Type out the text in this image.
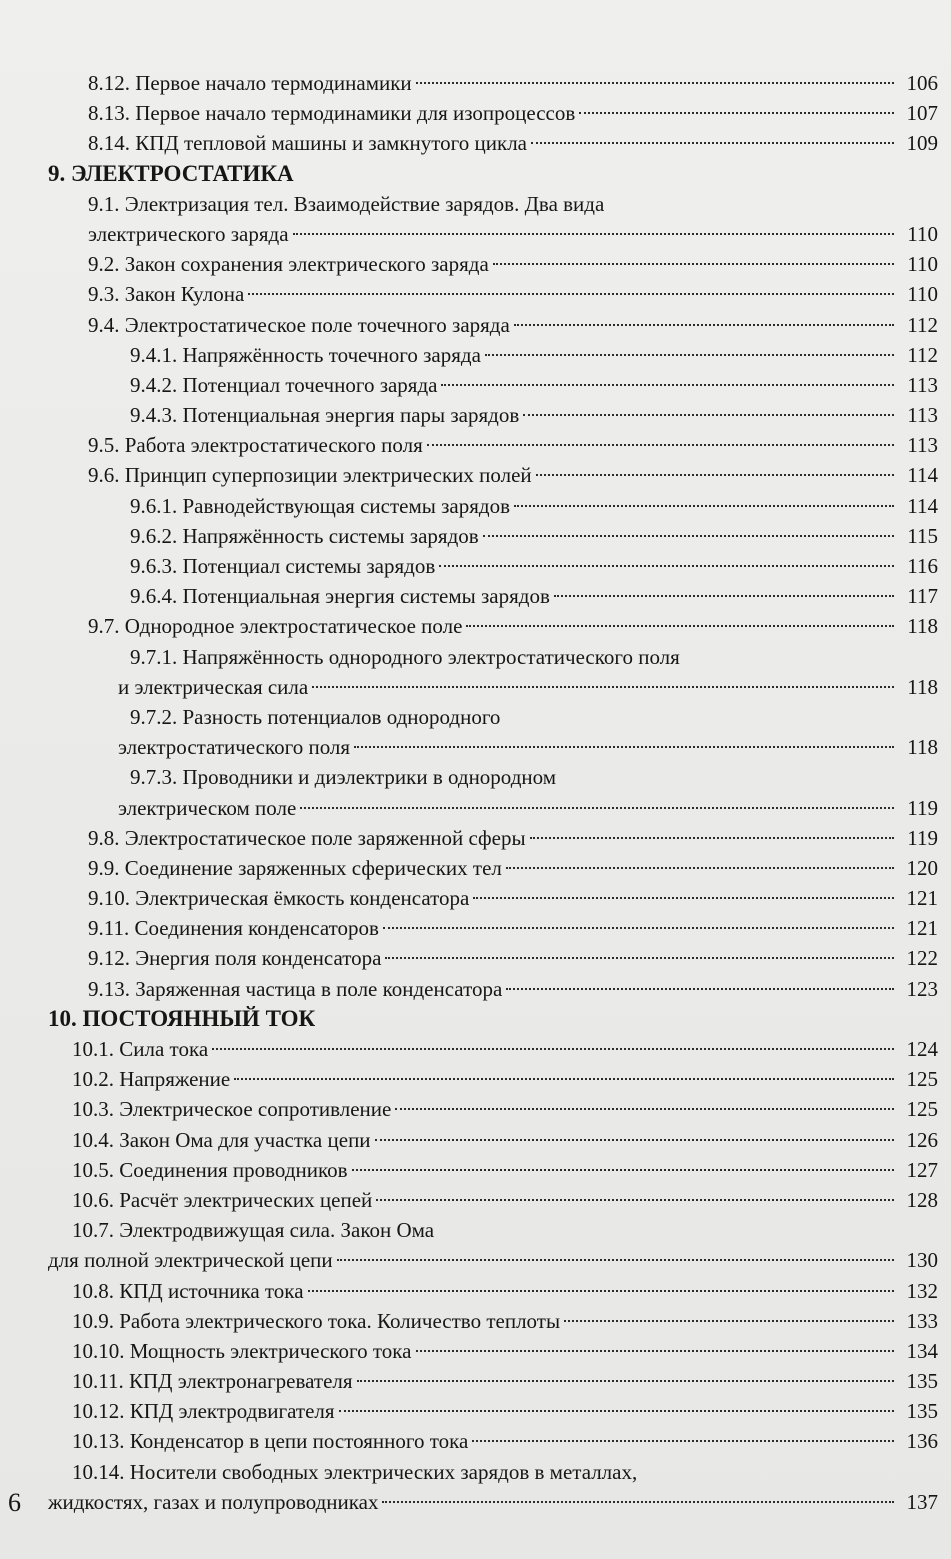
8.12. Первое начало термодинамики	106
8.13. Первое начало термодинамики для изопроцессов	107
8.14. КПД тепловой машины и замкнутого цикла	109
9. ЭЛЕКТРОСТАТИКА
9.1. Электризация тел. Взаимодействие зарядов. Два вида
электрического заряда	110
9.2. Закон сохранения электрического заряда	110
9.3. Закон Кулона	110
9.4. Электростатическое поле точечного заряда	112
9.4.1. Напряжённость точечного заряда	112
9.4.2. Потенциал точечного заряда	113
9.4.3. Потенциальная энергия пары зарядов	113
9.5. Работа электростатического поля	113
9.6. Принцип суперпозиции электрических полей	114
9.6.1. Равнодействующая системы зарядов	114
9.6.2. Напряжённость системы зарядов	115
9.6.3. Потенциал системы зарядов	116
9.6.4. Потенциальная энергия системы зарядов	117
9.7. Однородное электростатическое поле	118
9.7.1. Напряжённость однородного электростатического поля
и электрическая сила	118
9.7.2. Разность потенциалов однородного
электростатического поля	118
9.7.3. Проводники и диэлектрики в однородном
электрическом поле	119
9.8. Электростатическое поле заряженной сферы	119
9.9. Соединение заряженных сферических тел	120
9.10. Электрическая ёмкость конденсатора	121
9.11. Соединения конденсаторов	121
9.12. Энергия поля конденсатора	122
9.13. Заряженная частица в поле конденсатора	123
10. ПОСТОЯННЫЙ ТОК
10.1. Сила тока	124
10.2. Напряжение	125
10.3. Электрическое сопротивление	125
10.4. Закон Ома для участка цепи	126
10.5. Соединения проводников	127
10.6. Расчёт электрических цепей	128
10.7. Электродвижущая сила. Закон Ома
для полной электрической цепи	130
10.8. КПД источника тока	132
10.9. Работа электрического тока. Количество теплоты	133
10.10. Мощность электрического тока	134
10.11. КПД электронагревателя	135
10.12. КПД электродвигателя	135
10.13. Конденсатор в цепи постоянного тока	136
10.14. Носители свободных электрических зарядов в металлах,
жидкостях, газах и полупроводниках	137
6
